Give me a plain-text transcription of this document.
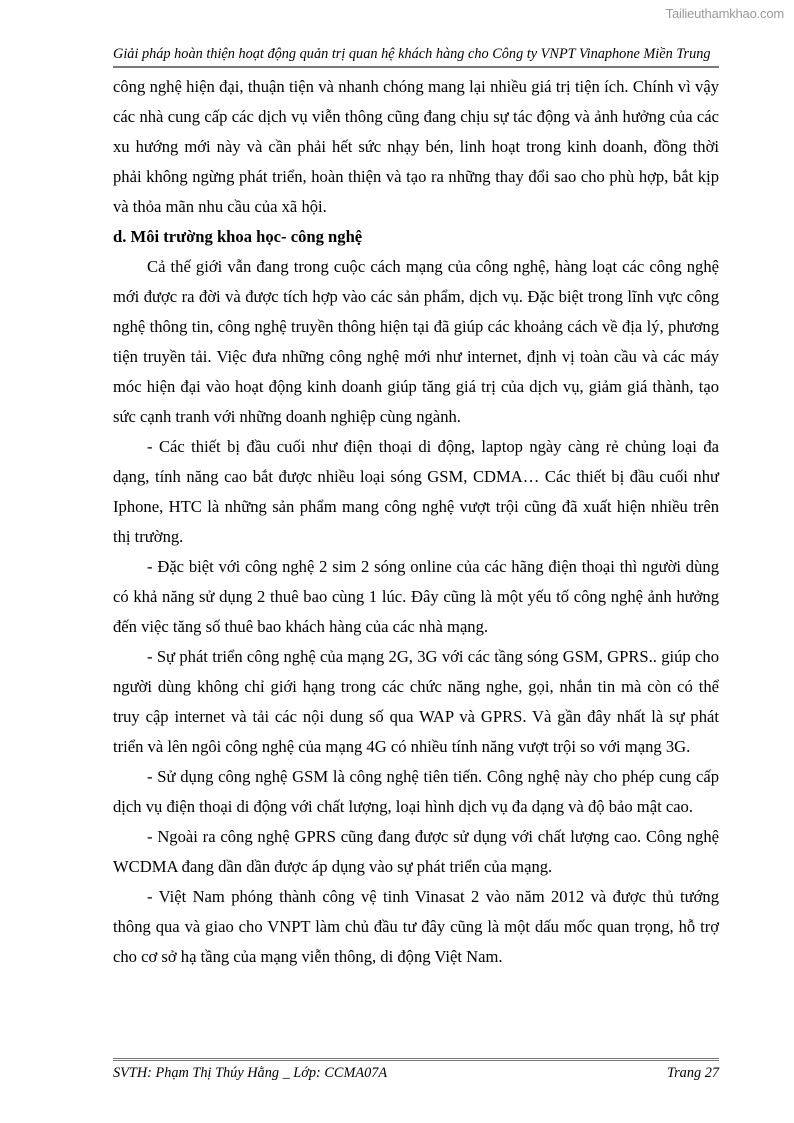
Tailieuthamkhao.com
Giải pháp hoàn thiện hoạt động quản trị quan hệ khách hàng cho Công ty VNPT Vinaphone Miền Trung

công nghệ hiện đại, thuận tiện và nhanh chóng mang lại nhiều giá trị tiện ích. Chính vì vậy các nhà cung cấp các dịch vụ viễn thông cũng đang chịu sự tác động và ảnh hưởng của các xu hướng mới này và cần phải hết sức nhạy bén, linh hoạt trong kinh doanh, đồng thời phải không ngừng phát triển, hoàn thiện và tạo ra những thay đổi sao cho phù hợp, bắt kịp và thỏa mãn nhu cầu của xã hội.

d. Môi trường khoa học- công nghệ

Cả thế giới vẫn đang trong cuộc cách mạng của công nghệ, hàng loạt các công nghệ mới được ra đời và được tích hợp vào các sản phẩm, dịch vụ. Đặc biệt trong lĩnh vực công nghệ thông tin, công nghệ truyền thông hiện tại đã giúp các khoảng cách về địa lý, phương tiện truyền tải. Việc đưa những công nghệ mới như internet, định vị toàn cầu và các máy móc hiện đại vào hoạt động kinh doanh giúp tăng giá trị của dịch vụ, giảm giá thành, tạo sức cạnh tranh với những doanh nghiệp cùng ngành.

- Các thiết bị đầu cuối như điện thoại di động, laptop ngày càng rẻ chủng loại đa dạng, tính năng cao bắt được nhiều loại sóng GSM, CDMA… Các thiết bị đầu cuối như Iphone, HTC là những sản phẩm mang công nghệ vượt trội cũng đã xuất hiện nhiều trên thị trường.

- Đặc biệt với công nghệ 2 sim 2 sóng online của các hãng điện thoại thì người dùng có khả năng sử dụng 2 thuê bao cùng 1 lúc. Đây cũng là một yếu tố công nghệ ảnh hưởng đến việc tăng số thuê bao khách hàng của các nhà mạng.

- Sự phát triển công nghệ của mạng 2G, 3G với các tầng sóng GSM, GPRS.. giúp cho người dùng không chỉ giới hạng trong các chức năng nghe, gọi, nhắn tin mà còn có thể truy cập internet và tải các nội dung số qua WAP và GPRS. Và gần đây nhất là sự phát triển và lên ngôi công nghệ của mạng 4G có nhiều tính năng vượt trội so với mạng 3G.

- Sử dụng công nghệ GSM là công nghệ tiên tiến. Công nghệ này cho phép cung cấp dịch vụ điện thoại di động với chất lượng, loại hình dịch vụ đa dạng và độ bảo mật cao.

- Ngoài ra công nghệ GPRS cũng đang được sử dụng với chất lượng cao. Công nghệ WCDMA đang dần dần được áp dụng vào sự phát triển của mạng.

- Việt Nam phóng thành công vệ tinh Vinasat 2 vào năm 2012 và được thủ tướng thông qua và giao cho VNPT làm chủ đầu tư đây cũng là một dấu mốc quan trọng, hỗ trợ cho cơ sở hạ tầng của mạng viễn thông, di động Việt Nam.

SVTH: Phạm Thị Thúy Hằng _ Lớp: CCMA07A	Trang 27
